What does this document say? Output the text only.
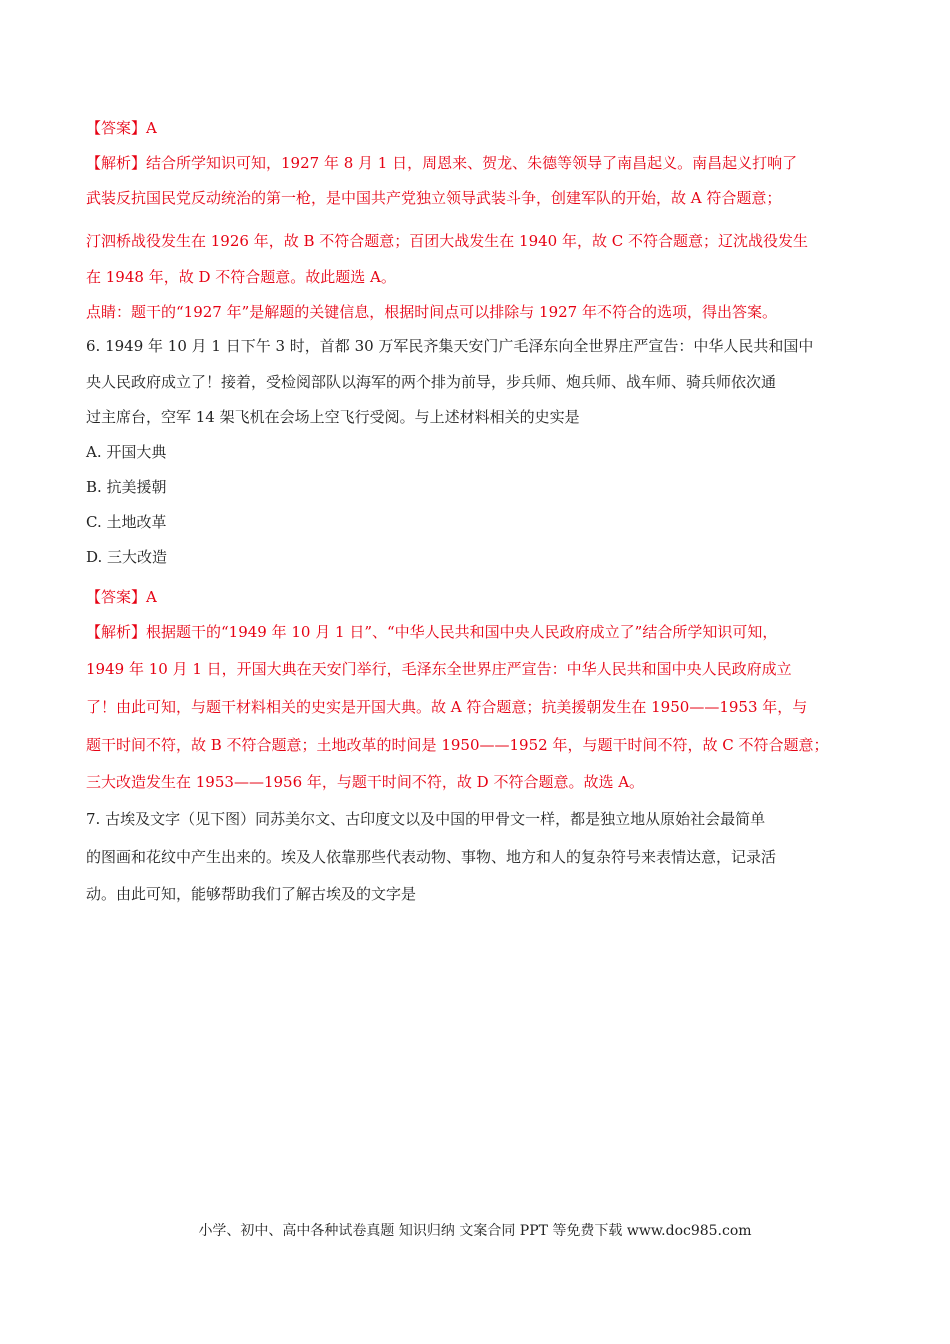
【答案】A
【解析】结合所学知识可知，1927 年 8 月 1 日，周恩来、贺龙、朱德等领导了南昌起义。南昌起义打响了
武装反抗国民党反动统治的第一枪，是中国共产党独立领导武装斗争，创建军队的开始，故 A 符合题意；
汀泗桥战役发生在 1926 年，故 B 不符合题意；百团大战发生在 1940 年，故 C 不符合题意；辽沈战役发生
在 1948 年，故 D 不符合题意。故此题选 A。
点睛：题干的“1927 年”是解题的关键信息，根据时间点可以排除与 1927 年不符合的选项，得出答案。
6. 1949 年 10 月 1 日下午 3 时，首都 30 万军民齐集天安门广毛泽东向全世界庄严宣告：中华人民共和国中
央人民政府成立了！接着，受检阅部队以海军的两个排为前导，步兵师、炮兵师、战车师、骑兵师依次通
过主席台，空军 14 架飞机在会场上空飞行受阅。与上述材料相关的史实是
A. 开国大典
B. 抗美援朝
C. 土地改革
D. 三大改造
【答案】A
【解析】根据题干的“1949 年 10 月 1 日”、“中华人民共和国中央人民政府成立了”结合所学知识可知，
1949 年 10 月 1 日，开国大典在天安门举行，毛泽东全世界庄严宣告：中华人民共和国中央人民政府成立
了！由此可知，与题干材料相关的史实是开国大典。故 A 符合题意；抗美援朝发生在 1950——1953 年，与
题干时间不符，故 B 不符合题意；土地改革的时间是 1950——1952 年，与题干时间不符，故 C 不符合题意；
三大改造发生在 1953——1956 年，与题干时间不符，故 D 不符合题意。故选 A。
7. 古埃及文字（见下图）同苏美尔文、古印度文以及中国的甲骨文一样，都是独立地从原始社会最简单
的图画和花纹中产生出来的。埃及人依靠那些代表动物、事物、地方和人的复杂符号来表情达意，记录活
动。由此可知，能够帮助我们了解古埃及的文字是
小学、初中、高中各种试卷真题 知识归纳 文案合同 PPT 等免费下载 www.doc985.com
